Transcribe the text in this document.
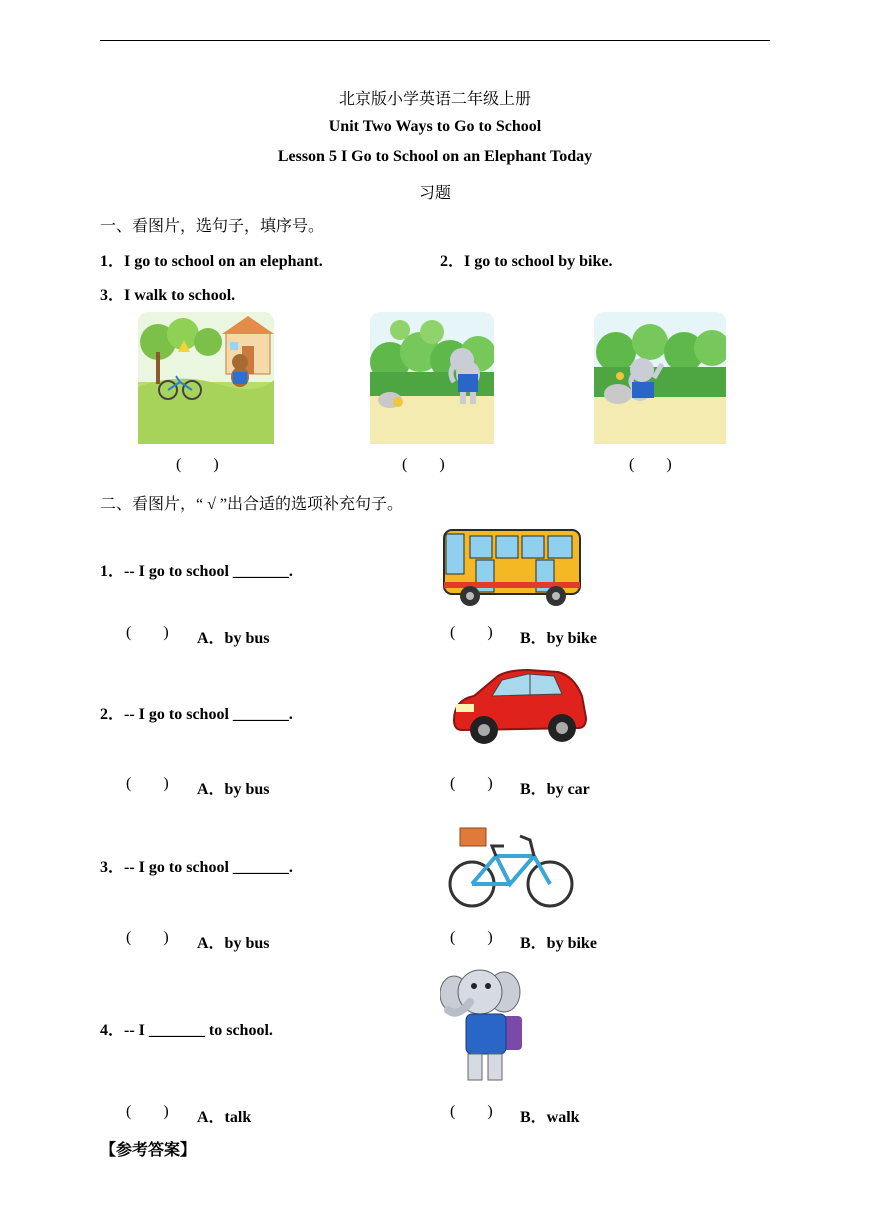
北京版小学英语二年级上册
Unit Two Ways to Go to School
Lesson 5 I Go to School on an Elephant Today
习题
一、看图片，选句子，填序号。
1．I go to school on an elephant.	2．I go to school by bike.
3．I walk to school.
(        )	(        )	(        )
二、看图片，“ √ ”出合适的选项补充句子。
1．-- I go to school _______.
(        ) A．by bus	(        ) B．by bike
2．-- I go to school _______.
(        ) A．by bus	(        ) B．by car
3．-- I go to school _______.
(        ) A．by bus	(        ) B．by bike
4．-- I _______ to school.
(        ) A．talk	(        ) B．walk
【参考答案】
